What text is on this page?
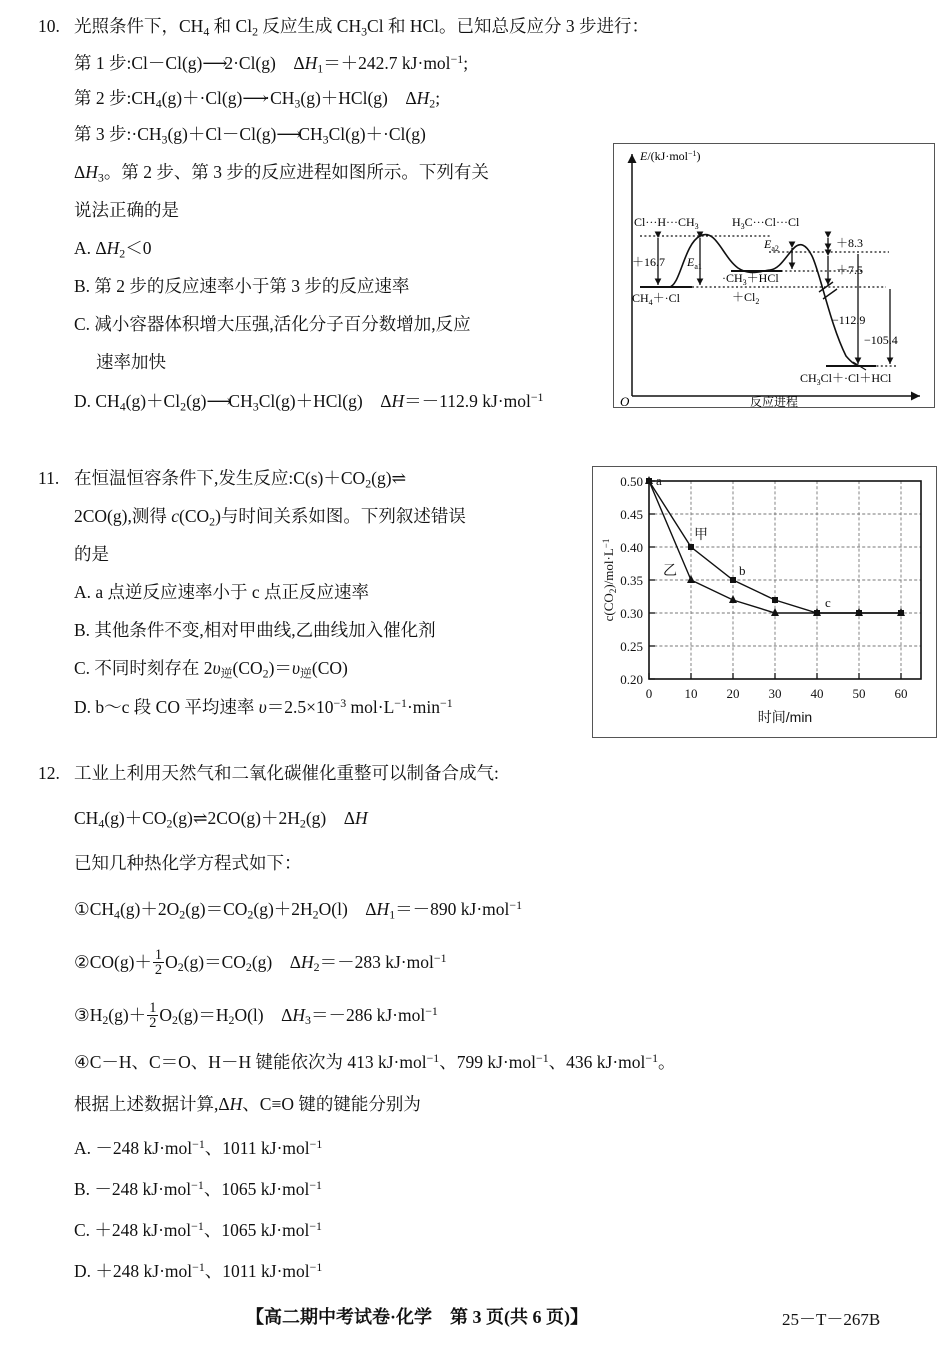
10. 光照条件下，$CH_4$ 和 $Cl_2$ 反应生成 $CH_3Cl$ 和 HCl。已知总反应分 3 步进行：
第 1 步:Cl－Cl(g)⟶2·Cl(g)　$\Delta H_1=+242.7$ kJ·mol$^{-1}$;
第 2 步$:CH_4(g)+\cdot Cl(g)⟶\cdot CH_3(g)+HCl(g)$　$\Delta H_2$;
第 3 步$:\cdot CH_3(g)+Cl-Cl(g)⟶CH_3Cl(g)+\cdot Cl(g)$
$\Delta H_3$。第 2 步、第 3 步的反应进程如图所示。下列有关
说法正确的是
A. $\Delta H_2<0$
B. 第 2 步的反应速率小于第 3 步的反应速率
C. 减小容器体积增大压强,活化分子百分数增加,反应
速率加快
D. $CH_4(g)+Cl_2(g)⟶CH_3Cl(g)+HCl(g)$　ΔH＝－112.9 kJ·mol$^{-1}$
E/(kJ·mol$^{-1}$)
O	反应进程
$Cl\cdot\cdot\cdot H\cdot\cdot\cdot CH_3$	$H_3C\cdot\cdot\cdot Cl\cdot\cdot\cdot Cl$
$CH_4+\cdot Cl$
$\cdot CH_3+HCl$
$+Cl_2$
$CH_3Cl+\cdot Cl+HCl$
＋16.7 $E_{a1}$
$E_{a2}$	＋8.3
＋7.5
−112.9
−105.4
11. 在恒温恒容条件下,发生反应$:C(s)+CO_2(g)\rightleftharpoons$
2CO(g),测得 $c(CO_2)$与时间关系如图。下列叙述错误
的是
A. a 点逆反应速率小于 c 点正反应速率
B. 其他条件不变,相对甲曲线,乙曲线加入催化剂
C. 不同时刻存在 $2\upsilon_逆(CO_2)=\upsilon_逆(CO)$
D. b～c 段 CO 平均速率 $\upsilon=2.5\times 10^{-3}$ $mol\cdot L^{-1}\cdot\min^{-1}$
0.50
0.45
0.40
0.35
0.30
0.25
0.20
0 10 20 30 40 50 60
时间/min
$c(CO_2)/mol\cdot L^{-1}$
a
b
c
甲
乙
12. 工业上利用天然气和二氧化碳催化重整可以制备合成气:
$CH_4(g)+CO_2(g)\rightleftharpoons 2CO(g)+2H_2(g)$　ΔH
已知几种热化学方程式如下：
$①CH_4(g)+2O_2(g)=CO_2(g)+2H_2O(l)$　$\Delta H_1=-890$ kJ·mol$^{-1}$
②CO(g)＋ $\frac{1}{2} O_2(g)=CO_2(g)$　$\Delta H_2=-283$ kJ·mol$^{-1}$
$③H_2(g)+ \frac{1}{2} O_2(g)=H_2O(l)$　$\Delta H_3=-286$ kJ·mol$^{-1}$
④C－H、C＝O、H－H 键能依次为 413 kJ·mol$^{-1}$、799 kJ·mol$^{-1}$、436 kJ·mol$^{-1}$。
根据上述数据计算,ΔH、C≡O 键的键能分别为
A. －248 kJ·mol$^{-1}$、1011 kJ·mol$^{-1}$
B. －248 kJ·mol$^{-1}$、1065 kJ·mol$^{-1}$
C. ＋248 kJ·mol$^{-1}$、1065 kJ·mol$^{-1}$
D. ＋248 kJ·mol$^{-1}$、1011 kJ·mol$^{-1}$
【高二期中考试卷·化学　第 3 页(共 6 页)】	25－T－267B
